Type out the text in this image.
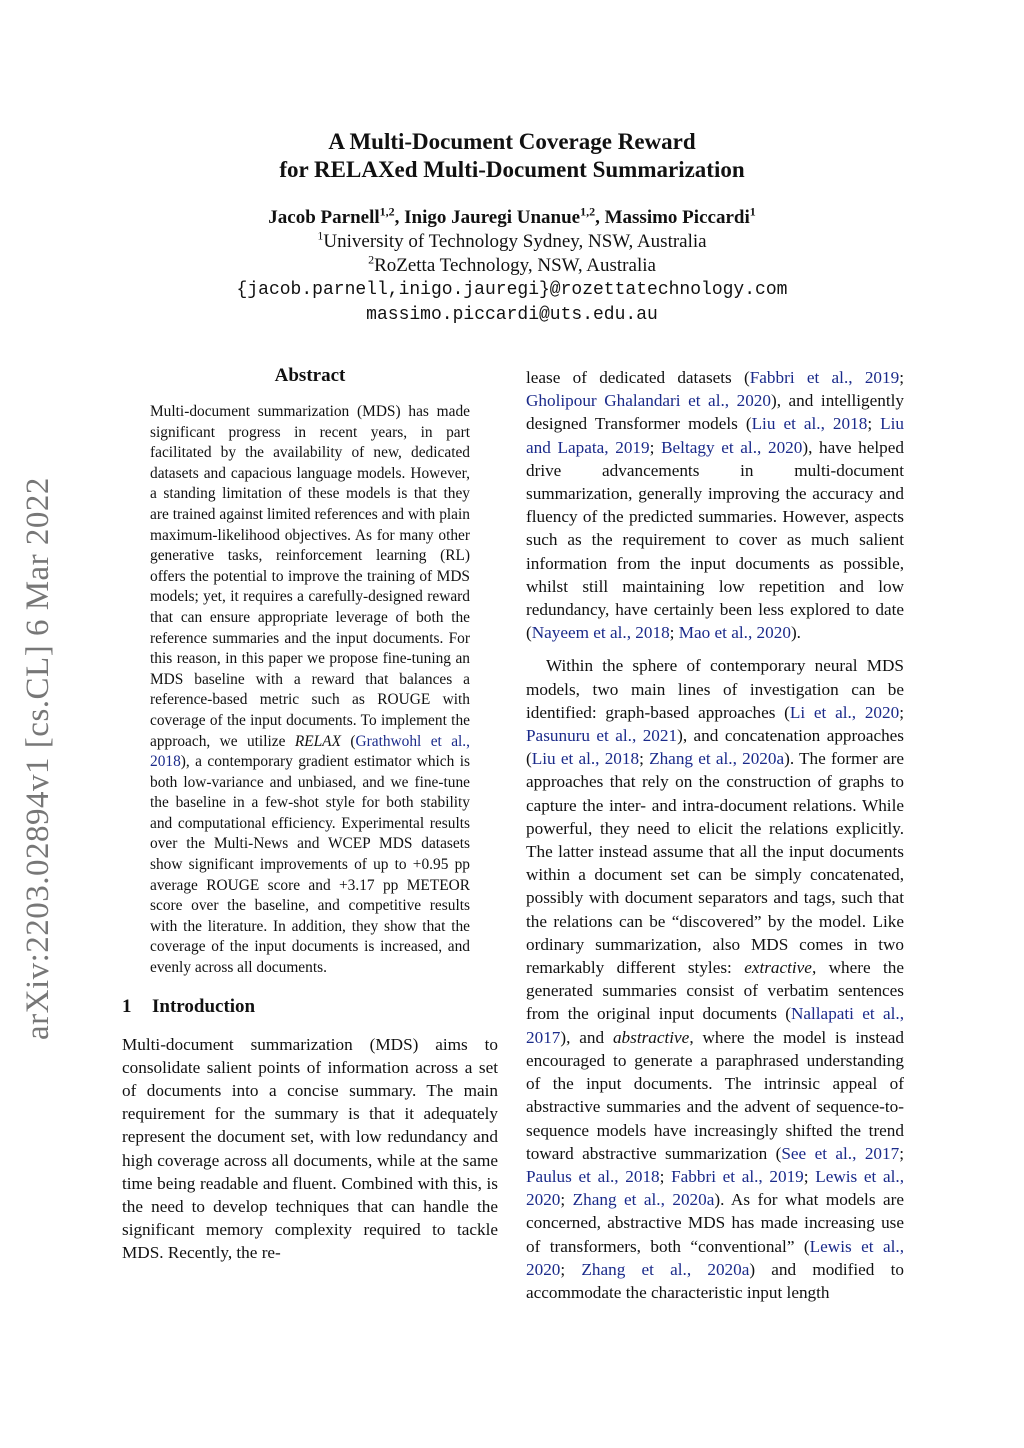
A Multi-Document Coverage Reward
for RELAXed Multi-Document Summarization
Jacob Parnell$^{1,2}$, Inigo Jauregi Unanue$^{1,2}$, Massimo Piccardi$^1$
$^1$University of Technology Sydney, NSW, Australia
$^2$RoZetta Technology, NSW, Australia
{jacob.parnell,inigo.jauregi}@rozettatechnology.com
massimo.piccardi@uts.edu.au
arXiv:2203.02894v1 [cs.CL] 6 Mar 2022
Abstract

Multi-document summarization (MDS) has made significant progress in recent years, in part facilitated by the availability of new, dedicated datasets and capacious language models. However, a standing limitation of these models is that they are trained against limited references and with plain maximum-likelihood objectives. As for many other generative tasks, reinforcement learning (RL) offers the potential to improve the training of MDS models; yet, it requires a carefully-designed reward that can ensure appropriate leverage of both the reference summaries and the input documents. For this reason, in this paper we propose fine-tuning an MDS baseline with a reward that balances a reference-based metric such as ROUGE with coverage of the input documents. To implement the approach, we utilize RELAX (Grathwohl et al., 2018), a contemporary gradient estimator which is both low-variance and unbiased, and we fine-tune the baseline in a few-shot style for both stability and computational efficiency. Experimental results over the Multi-News and WCEP MDS datasets show significant improvements of up to +0.95 pp average ROUGE score and +3.17 pp METEOR score over the baseline, and competitive results with the literature. In addition, they show that the coverage of the input documents is increased, and evenly across all documents.

1 Introduction

Multi-document summarization (MDS) aims to consolidate salient points of information across a set of documents into a concise summary. The main requirement for the summary is that it adequately represent the document set, with low redundancy and high coverage across all documents, while at the same time being readable and fluent. Combined with this, is the need to develop techniques that can handle the significant memory complexity required to tackle MDS. Recently, the re-

lease of dedicated datasets (Fabbri et al., 2019; Gholipour Ghalandari et al., 2020), and intelligently designed Transformer models (Liu et al., 2018; Liu and Lapata, 2019; Beltagy et al., 2020), have helped drive advancements in multi-document summarization, generally improving the accuracy and fluency of the predicted summaries. However, aspects such as the requirement to cover as much salient information from the input documents as possible, whilst still maintaining low repetition and low redundancy, have certainly been less explored to date (Nayeem et al., 2018; Mao et al., 2020).

Within the sphere of contemporary neural MDS models, two main lines of investigation can be identified: graph-based approaches (Li et al., 2020; Pasunuru et al., 2021), and concatenation approaches (Liu et al., 2018; Zhang et al., 2020a). The former are approaches that rely on the construction of graphs to capture the inter- and intra-document relations. While powerful, they need to elicit the relations explicitly. The latter instead assume that all the input documents within a document set can be simply concatenated, possibly with document separators and tags, such that the relations can be “discovered” by the model. Like ordinary summarization, also MDS comes in two remarkably different styles: extractive, where the generated summaries consist of verbatim sentences from the original input documents (Nallapati et al., 2017), and abstractive, where the model is instead encouraged to generate a paraphrased understanding of the input documents. The intrinsic appeal of abstractive summaries and the advent of sequence-to-sequence models have increasingly shifted the trend toward abstractive summarization (See et al., 2017; Paulus et al., 2018; Fabbri et al., 2019; Lewis et al., 2020; Zhang et al., 2020a). As for what models are concerned, abstractive MDS has made increasing use of transformers, both “conventional” (Lewis et al., 2020; Zhang et al., 2020a) and modified to accommodate the characteristic input length
